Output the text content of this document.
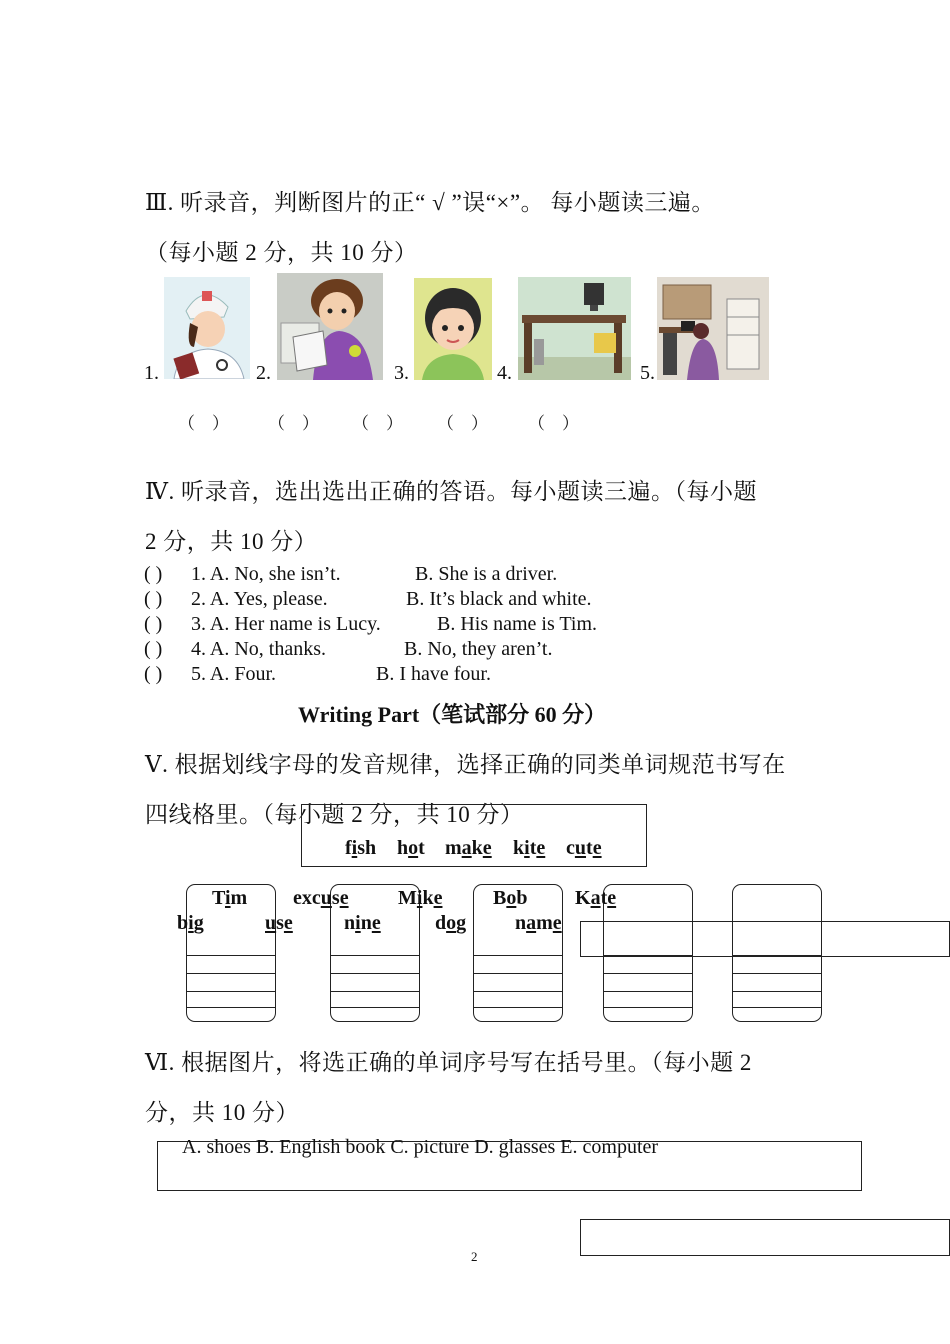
Ⅲ. 听录音，判断图片的正“ √ ”误“×”。 每小题读三遍。
（每小题 2 分，共 10 分）
1.	2.	3.	4.	5.
（　） （　） （　） （　） （　）
Ⅳ. 听录音，选出选出正确的答语。每小题读三遍。（每小题
2 分，共 10 分）
( ) 1. A. No, she isn’t.	B. She is a driver.
( ) 2. A. Yes, please.	B. It’s black and white.
( ) 3. A. Her name is Lucy.	B. His name is Tim.
( ) 4. A. No, thanks.	B. No, they aren’t.
( ) 5. A. Four.	B. I have four.
Writing Part（笔试部分 60 分）
Ⅴ. 根据划线字母的发音规律，选择正确的同类单词规范书写在
四线格里。（每小题 2 分，共 10 分）
fish hot make kite cute
Tim excuse Mike	Bob Kate
big	use	nine	dog name
Ⅵ. 根据图片，将选正确的单词序号写在括号里。（每小题 2
分，共 10 分）
A. shoes B. English book C. picture D. glasses E. computer
2
